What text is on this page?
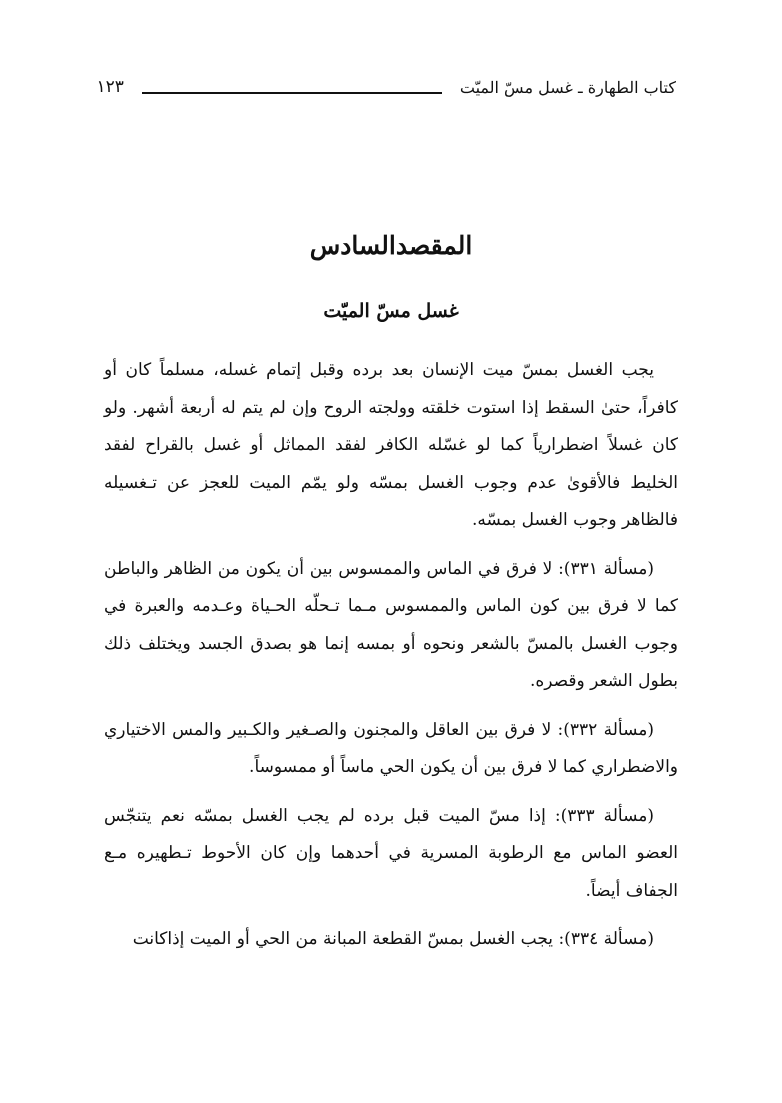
كتاب الطهارة ـ غسل مسّ الميّت
١٢٣
المقصدالسادس
غسل مسّ الميّت

يجب الغسل بمسّ ميت الإنسان بعد برده وقبل إتمام غسله، مسلماً كان أو كافراً، حتىٰ السقط إذا استوت خلقته وولجته الروح وإن لم يتم له أربعة أشهر. ولو كان غسلاً اضطرارياً كما لو غسّله الكافر لفقد المماثل أو غسل بالقراح لفقد الخليط فالأقوىٰ عدم وجوب الغسل بمسّه ولو يمّم الميت للعجز عن تـغسيله فالظاهر وجوب الغسل بمسّه.

(مسألة ٣٣١): لا فرق في الماس والممسوس بين أن يكون من الظاهر والباطن كما لا فرق بين كون الماس والممسوس مـما تـحلّه الحـياة وعـدمه والعبرة في وجوب الغسل بالمسّ بالشعر ونحوه أو بمسه إنما هو بصدق الجسد ويختلف ذلك بطول الشعر وقصره.

(مسألة ٣٣٢): لا فرق بين العاقل والمجنون والصـغير والكـبير والمس الاختياري والاضطراري كما لا فرق بين أن يكون الحي ماساً أو ممسوساً.

(مسألة ٣٣٣): إذا مسّ الميت قبل برده لم يجب الغسل بمسّه نعم يتنجّس العضو الماس مع الرطوبة المسرية في أحدهما وإن كان الأحوط تـطهيره مـع الجفاف أيضاً.

(مسألة ٣٣٤): يجب الغسل بمسّ القطعة المبانة من الحي أو الميت إذاكانت
